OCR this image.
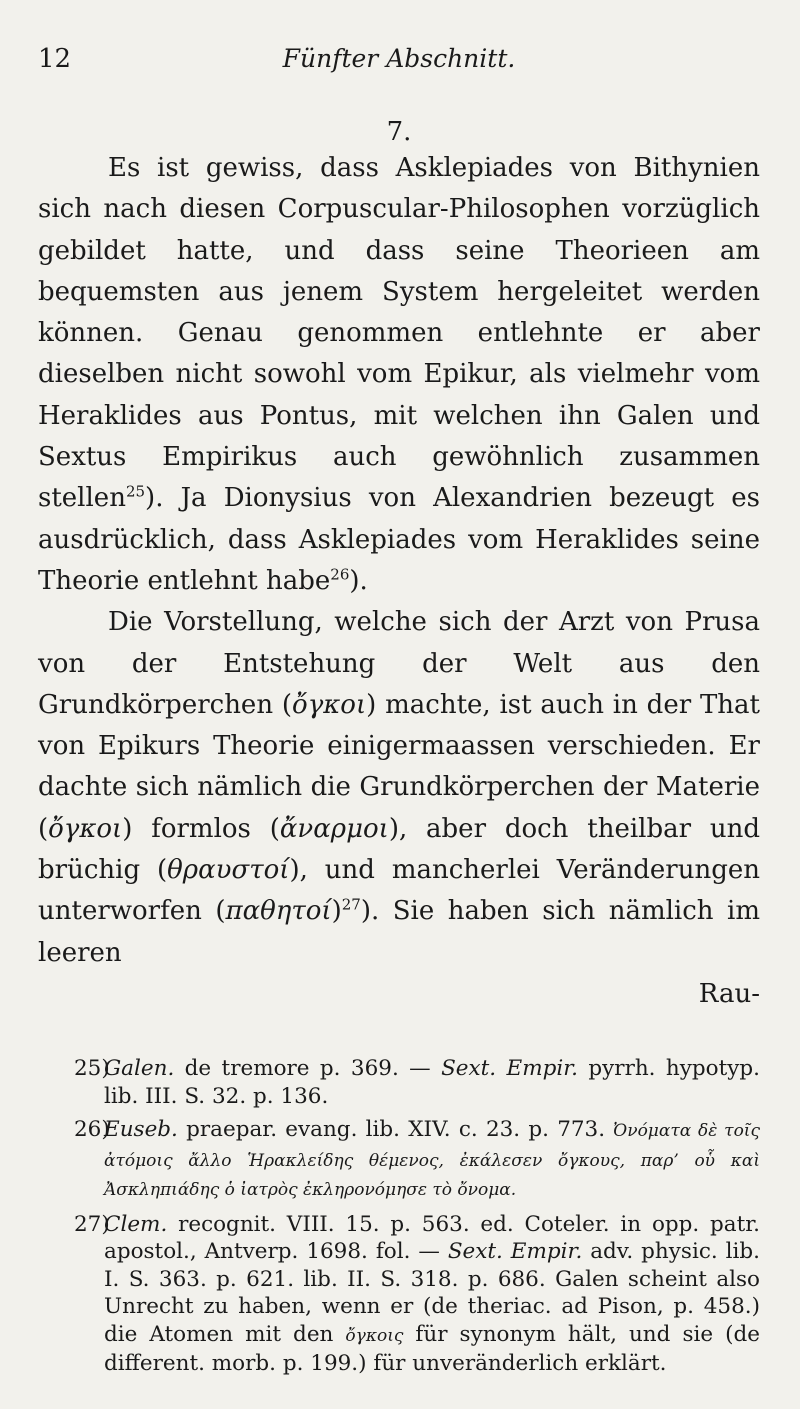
12	Fünfter Abschnitt.
7.

Es ist gewiss, dass Asklepiades von Bithynien sich nach diesen Corpuscular-Philosophen vorzüglich gebildet hatte, und dass seine Theorieen am bequemsten aus jenem System hergeleitet werden können. Genau genommen entlehnte er aber dieselben nicht sowohl vom Epikur, als vielmehr vom Heraklides aus Pontus, mit welchen ihn Galen und Sextus Empirikus auch gewöhnlich zusammen stellen$^{25}$). Ja Dionysius von Alexandrien bezeugt es ausdrücklich, dass Asklepiades vom Heraklides seine Theorie entlehnt habe$^{26}$).

Die Vorstellung, welche sich der Arzt von Prusa von der Entstehung der Welt aus den Grundkörperchen (ὄγκοι) machte, ist auch in der That von Epikurs Theorie einigermaassen verschieden. Er dachte sich nämlich die Grundkörperchen der Materie (ὄγκοι) formlos (ἄναρμοι), aber doch theilbar und brüchig (θραυστοί), und mancherlei Veränderungen unterworfen $(\pi\alpha\theta\eta\tau oί)^{27}$). Sie haben sich nämlich im leeren

Rau-

25)Galen. de tremore p. 369. — Sext. Empir. pyrrh. hypotyp. lib. III. S. 32. p. 136.

26)Euseb. praepar. evang. lib. XIV. c. 23. p. 773. Ὀνόματα δὲ τοῖς ἀτόμοις ἄλλο Ἡρακλείδης θέμενος, ἐκάλεσεν ὄγκους, παρ’ οὗ καὶ Ἀσκληπιάδης ὁ ἰατρὸς ἐκληρονόμησε τὸ ὄνομα.

27)Clem. recognit. VIII. 15. p. 563. ed. Coteler. in opp. patr. apostol., Antverp. 1698. fol. — Sext. Empir. adv. physic. lib. I. S. 363. p. 621. lib. II. S. 318. p. 686. Galen scheint also Unrecht zu haben, wenn er (de theriac. ad Pison, p. 458.) die Atomen mit den ὄγκοις für synonym hält, und sie (de different. morb. p. 199.) für unveränderlich erklärt.
